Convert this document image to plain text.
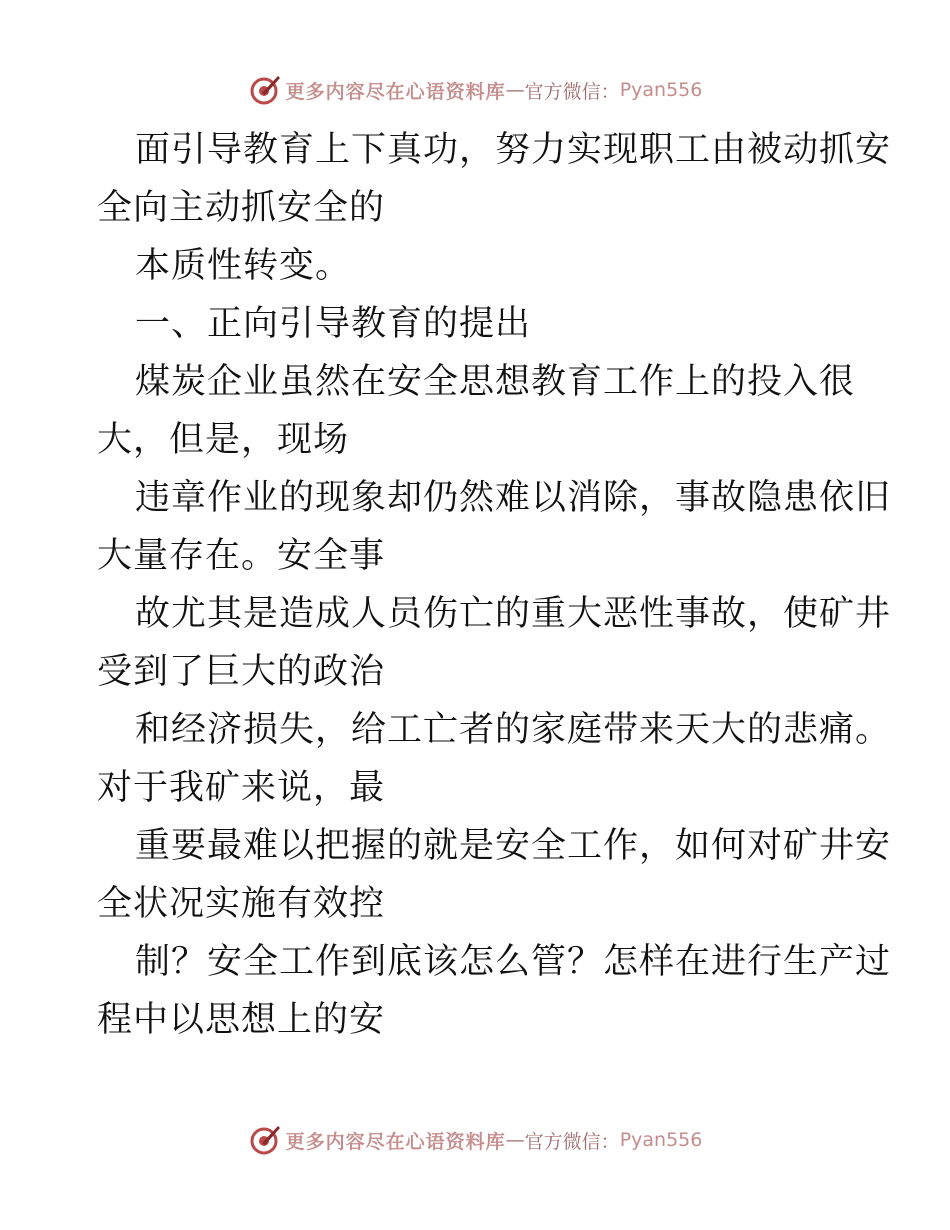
更多内容尽在心语资料库 — 官方微信： Pyan556
面引导教育上下真功，努力实现职工由被动抓安
全向主动抓安全的
本质性转变。
一、正向引导教育的提出
煤炭企业虽然在安全思想教育工作上的投入很
大，但是，现场
违章作业的现象却仍然难以消除，事故隐患依旧
大量存在。安全事
故尤其是造成人员伤亡的重大恶性事故，使矿井
受到了巨大的政治
和经济损失，给工亡者的家庭带来天大的悲痛。
对于我矿来说，最
重要最难以把握的就是安全工作，如何对矿井安
全状况实施有效控
制？安全工作到底该怎么管？怎样在进行生产过
程中以思想上的安
更多内容尽在心语资料库 — 官方微信： Pyan556
